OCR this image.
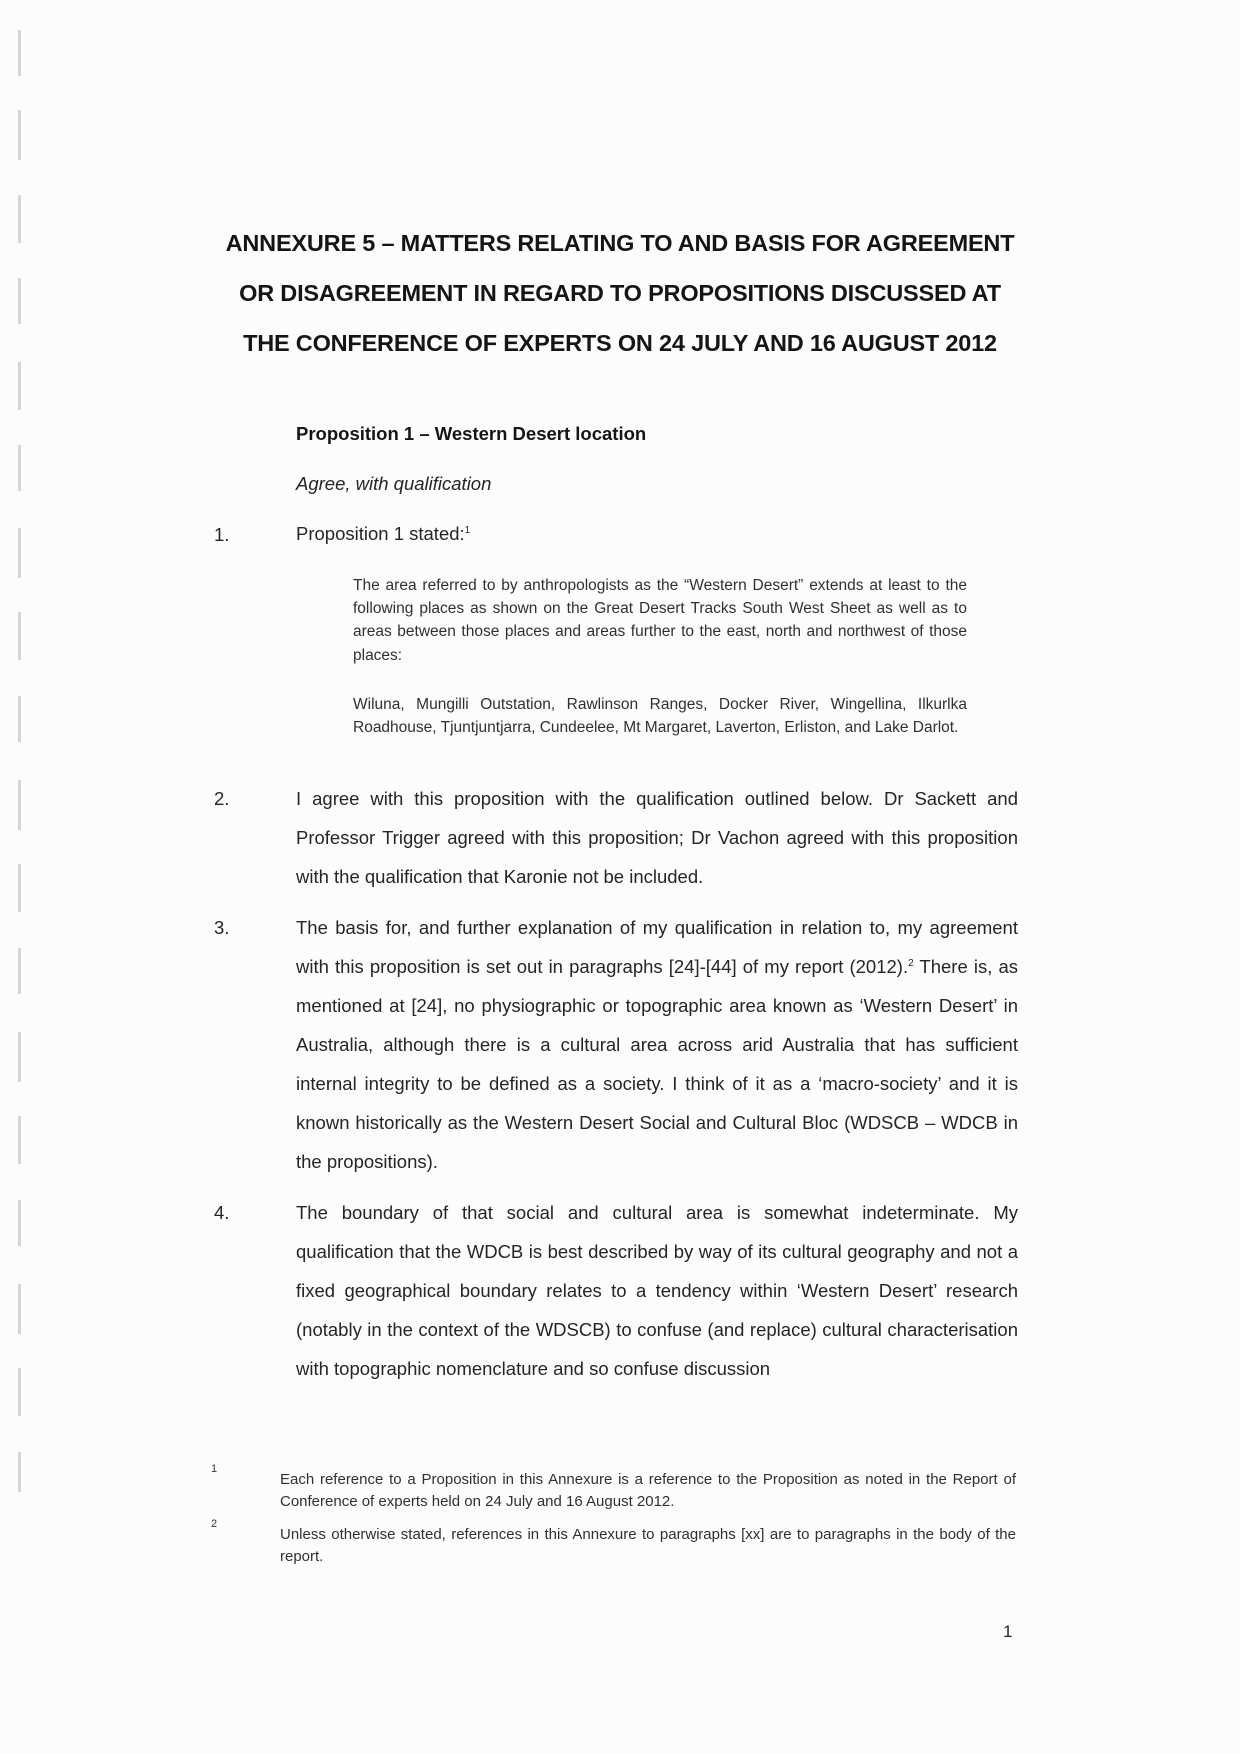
ANNEXURE 5 – MATTERS RELATING TO AND BASIS FOR AGREEMENT
OR DISAGREEMENT IN REGARD TO PROPOSITIONS DISCUSSED AT
THE CONFERENCE OF EXPERTS ON 24 JULY AND 16 AUGUST 2012
Proposition 1 – Western Desert location
Agree, with qualification
1.	Proposition 1 stated:$^1$
The area referred to by anthropologists as the “Western Desert” extends at least to the following places as shown on the Great Desert Tracks South West Sheet as well as to areas between those places and areas further to the east, north and northwest of those places:
Wiluna, Mungilli Outstation, Rawlinson Ranges, Docker River, Wingellina, Ilkurlka Roadhouse, Tjuntjuntjarra, Cundeelee, Mt Margaret, Laverton, Erliston, and Lake Darlot.
2.	I agree with this proposition with the qualification outlined below. Dr Sackett and Professor Trigger agreed with this proposition; Dr Vachon agreed with this proposition with the qualification that Karonie not be included.
3.	The basis for, and further explanation of my qualification in relation to, my agreement with this proposition is set out in paragraphs [24]-[44] of my report (2012).$^2$ There is, as mentioned at [24], no physiographic or topographic area known as ‘Western Desert’ in Australia, although there is a cultural area across arid Australia that has sufficient internal integrity to be defined as a society. I think of it as a ‘macro-society’ and it is known historically as the Western Desert Social and Cultural Bloc (WDSCB – WDCB in the propositions).
4.	The boundary of that social and cultural area is somewhat indeterminate. My qualification that the WDCB is best described by way of its cultural geography and not a fixed geographical boundary relates to a tendency within ‘Western Desert’ research (notably in the context of the WDSCB) to confuse (and replace) cultural characterisation with topographic nomenclature and so confuse discussion
1
Each reference to a Proposition in this Annexure is a reference to the Proposition as noted in the Report of Conference of experts held on 24 July and 16 August 2012.
2
Unless otherwise stated, references in this Annexure to paragraphs [xx] are to paragraphs in the body of the report.
1
